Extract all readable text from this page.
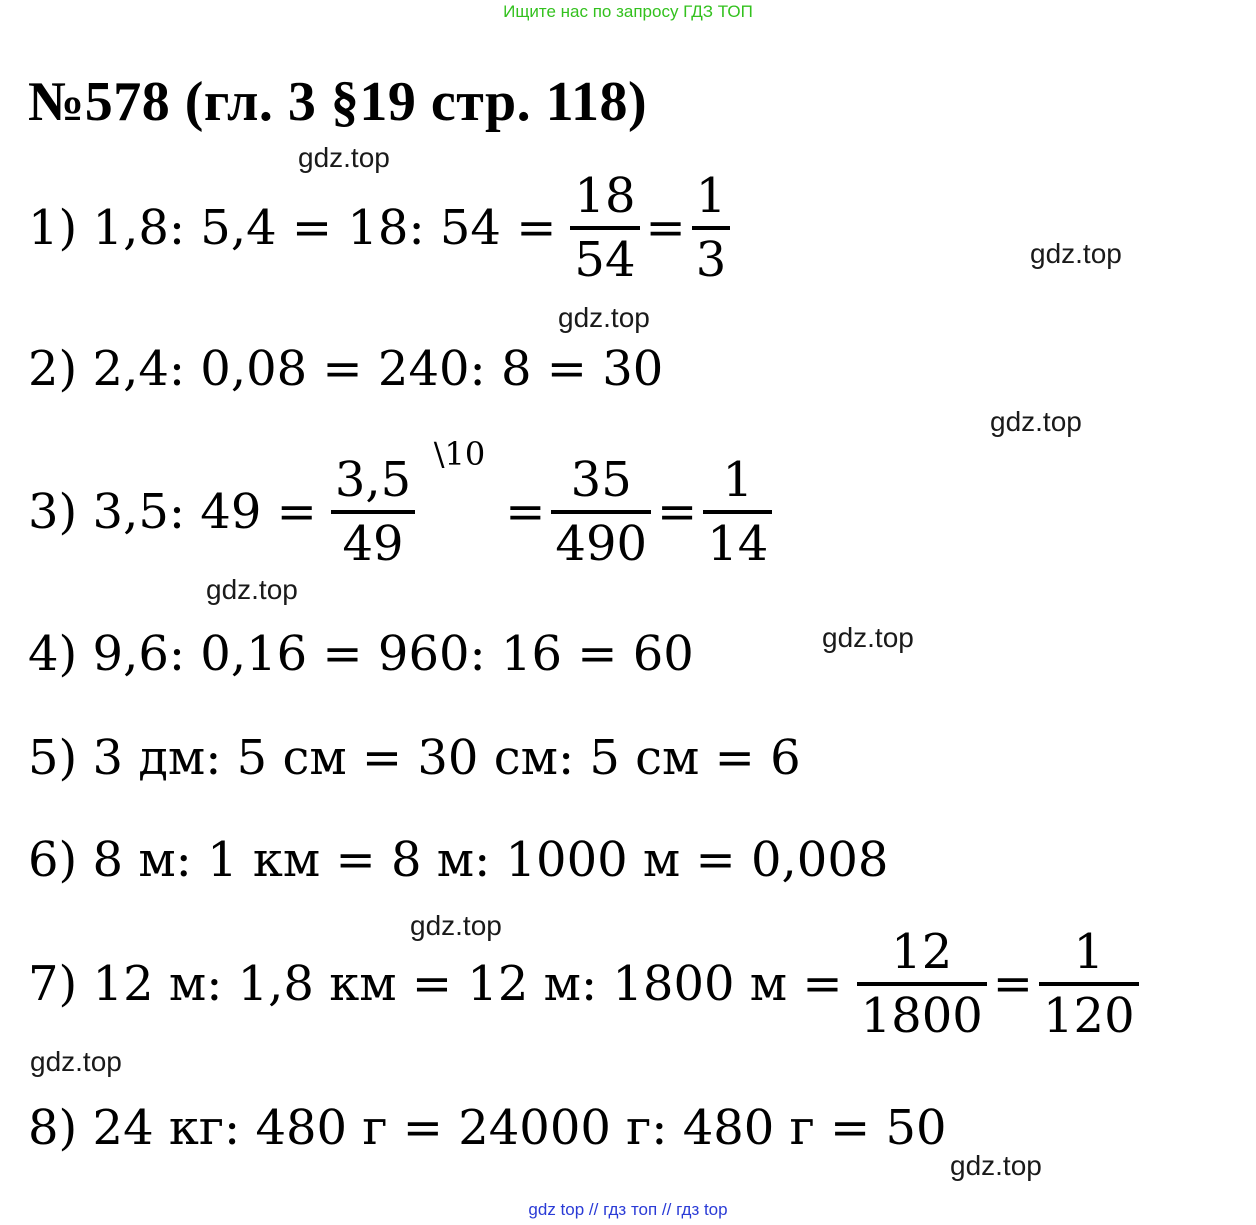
Ищите нас по запросу ГДЗ ТОП
№578 (гл. 3 §19 стр. 118)
gdz.top
gdz.top
gdz.top
gdz.top
gdz.top
gdz.top
gdz.top
gdz.top
gdz.top
1) 1,8: 5,4 = 18: $54 = \frac{18}{54} = \frac{1}{3}$
2) 2,4: 0,08 = 240: 8 = 30
3) 3,5: 49 =
3,5 \10
49
= $\frac{35}{490} = \frac{1}{14}$
4) 9,6: 0,16 = 960: 16 = 60
5) 3 дм: 5 см = 30 см: 5 см = 6
6) 8 м: 1 км = 8 м: 1000 м = 0,008
7) 12 м: 1,8 км = 12 м: 1800 $м = \frac{12}{1800} = \frac{1}{120}$
8) 24 кг: 480 г = 24000 г: 480 г = 50
gdz top // гдз топ // гдз top
